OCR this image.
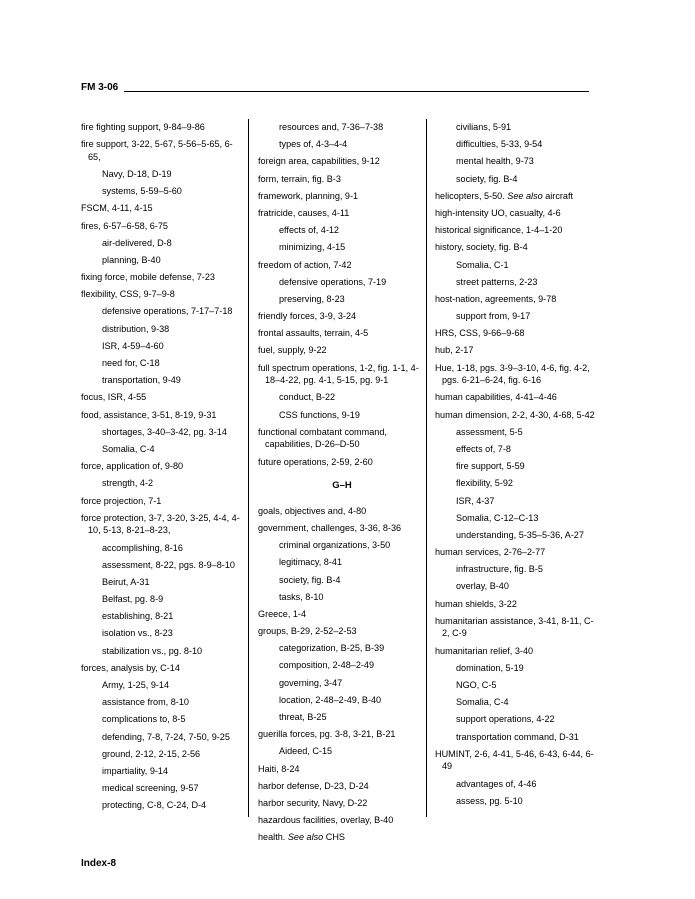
FM 3-06
fire fighting support, 9-84–9-86
fire support, 3-22, 5-67, 5-56–5-65, 6-65,
Navy, D-18, D-19
systems, 5-59–5-60
FSCM, 4-11, 4-15
fires, 6-57–6-58, 6-75
air-delivered, D-8
planning, B-40
fixing force, mobile defense, 7-23
flexibility, CSS, 9-7–9-8
defensive operations, 7-17–7-18
distribution, 9-38
ISR, 4-59–4-60
need for, C-18
transportation, 9-49
focus, ISR, 4-55
food, assistance, 3-51, 8-19, 9-31
shortages, 3-40–3-42, pg. 3-14
Somalia, C-4
force, application of, 9-80
strength, 4-2
force projection, 7-1
force protection, 3-7, 3-20, 3-25, 4-4, 4-10, 5-13, 8-21–8-23,
accomplishing, 8-16
assessment, 8-22, pgs. 8-9–8-10
Beirut, A-31
Belfast, pg. 8-9
establishing, 8-21
isolation vs., 8-23
stabilization vs., pg. 8-10
forces, analysis by, C-14
Army, 1-25, 9-14
assistance from, 8-10
complications to, 8-5
defending, 7-8, 7-24, 7-50, 9-25
ground, 2-12, 2-15, 2-56
impartiality, 9-14
medical screening, 9-57
protecting, C-8, C-24, D-4
resources and, 7-36–7-38
types of, 4-3–4-4
foreign area, capabilities, 9-12
form, terrain, fig. B-3
framework, planning, 9-1
fratricide, causes, 4-11
effects of, 4-12
minimizing, 4-15
freedom of action, 7-42
defensive operations, 7-19
preserving, 8-23
friendly forces, 3-9, 3-24
frontal assaults, terrain, 4-5
fuel, supply, 9-22
full spectrum operations, 1-2, fig. 1-1, 4-18–4-22, pg. 4-1, 5-15, pg. 9-1
conduct, B-22
CSS functions, 9-19
functional combatant command, capabilities, D-26–D-50
future operations, 2-59, 2-60
G–H
goals, objectives and, 4-80
government, challenges, 3-36, 8-36
criminal organizations, 3-50
legitimacy, 8-41
society, fig. B-4
tasks, 8-10
Greece, 1-4
groups, B-29, 2-52–2-53
categorization, B-25, B-39
composition, 2-48–2-49
governing, 3-47
location, 2-48–2-49, B-40
threat, B-25
guerilla forces, pg. 3-8, 3-21, B-21
Aideed, C-15
Haiti, 8-24
harbor defense, D-23, D-24
harbor security, Navy, D-22
hazardous facilities, overlay, B-40
health. See also CHS
civilians, 5-91
difficulties, 5-33, 9-54
mental health, 9-73
society, fig. B-4
helicopters, 5-50. See also aircraft
high-intensity UO, casualty, 4-6
historical significance, 1-4–1-20
history, society, fig. B-4
Somalia, C-1
street patterns, 2-23
host-nation, agreements, 9-78
support from, 9-17
HRS, CSS, 9-66–9-68
hub, 2-17
Hue, 1-18, pgs. 3-9–3-10, 4-6, fig. 4-2, pgs. 6-21–6-24, fig. 6-16
human capabilities, 4-41–4-46
human dimension, 2-2, 4-30, 4-68, 5-42
assessment, 5-5
effects of, 7-8
fire support, 5-59
flexibility, 5-92
ISR, 4-37
Somalia, C-12–C-13
understanding, 5-35–5-36, A-27
human services, 2-76–2-77
infrastructure, fig. B-5
overlay, B-40
human shields, 3-22
humanitarian assistance, 3-41, 8-11, C-2, C-9
humanitarian relief, 3-40
domination, 5-19
NGO, C-5
Somalia, C-4
support operations, 4-22
transportation command, D-31
HUMINT, 2-6, 4-41, 5-46, 6-43, 6-44, 6-49
advantages of, 4-46
assess, pg. 5-10
Index-8
